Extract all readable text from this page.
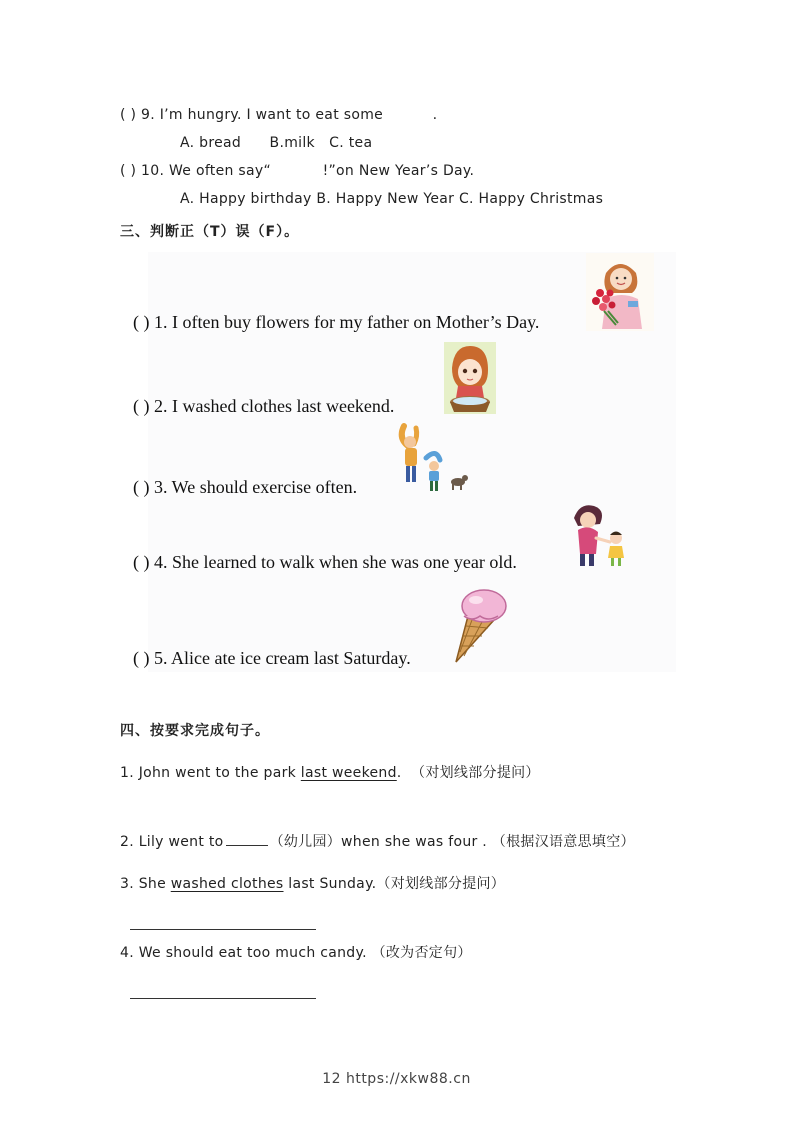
( ) 9. I’m hungry. I want to eat some	.
A. bread      B.milk   C. tea
( ) 10. We often say“	!”on New Year’s Day.
A. Happy birthday B. Happy New Year C. Happy Christmas
三、判断正（T）误（F）。
( ) 1. I often buy flowers for my father on Mother’s Day.
( ) 2. I washed clothes last weekend.
( ) 3. We should exercise often.
( ) 4. She learned to walk when she was one year old.
( ) 5. Alice ate ice cream last Saturday.
四、按要求完成句子。
1. John went to the park last weekend.  （对划线部分提问）
2. Lily went to	（幼儿园）when she was four . （根据汉语意思填空）
3. She washed clothes last Sunday.（对划线部分提问）
4. We should eat too much candy. （改为否定句）
12 https://xkw88.cn
